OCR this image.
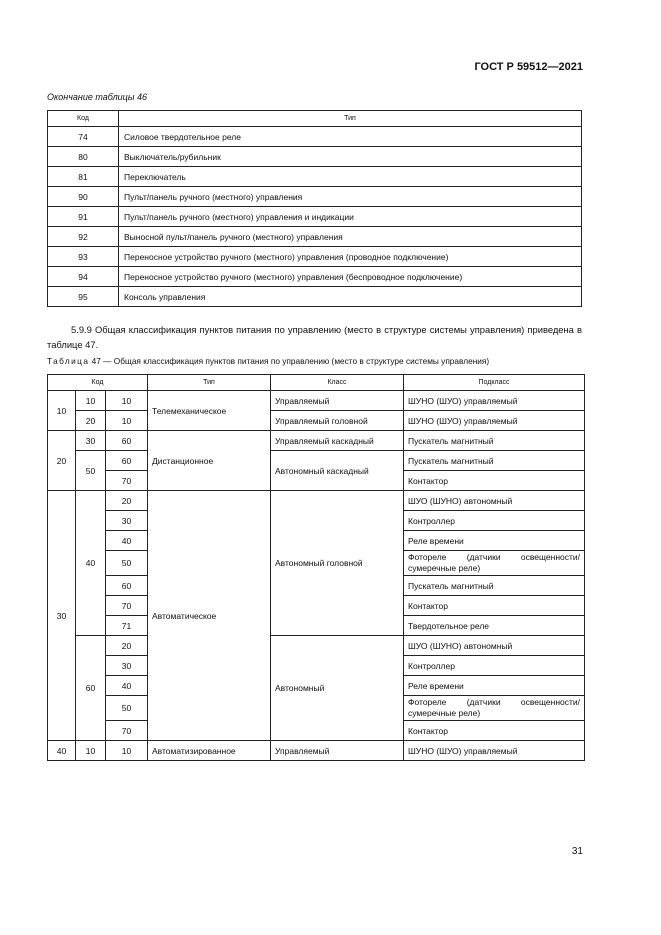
ГОСТ Р 59512—2021
Окончание таблицы 46
Код	Тип
74	Силовое твердотельное реле
80	Выключатель/рубильник
81	Переключатель
90	Пульт/панель ручного (местного) управления
91	Пульт/панель ручного (местного) управления и индикации
92	Выносной пульт/панель ручного (местного) управления
93	Переносное устройство ручного (местного) управления (проводное подключение)
94	Переносное устройство ручного (местного) управления (беспроводное подключение)
95	Консоль управления
5.9.9 Общая классификация пунктов питания по управлению (место в структуре системы управления) приведена в таблице 47.
Таблица 47 — Общая классификация пунктов питания по управлению (место в структуре системы управления)
Код			Тип	Класс	Подкласс
10	10	10	Телемеханическое	Управляемый	ШУНО (ШУО) управляемый
	20	10		Управляемый головной	ШУНО (ШУО) управляемый
20	30	60	Дистанционное	Управляемый каскадный	Пускатель магнитный
	50	60		Автономный каскадный	Пускатель магнитный
		70			Контактор
30	40	20	Автоматическое	Автономный головной	ШУО (ШУНО) автономный
		30			Контроллер
		40			Реле времени
		50			Фотореле (датчики освещенности/ сумеречные реле)
		60			Пускатель магнитный
		70			Контактор
		71			Твердотельное реле
	60	20		Автономный	ШУО (ШУНО) автономный
		30			Контроллер
		40			Реле времени
		50			Фотореле (датчики освещенности/ сумеречные реле)
		70			Контактор
40	10	10	Автоматизированное	Управляемый	ШУНО (ШУО) управляемый
31
